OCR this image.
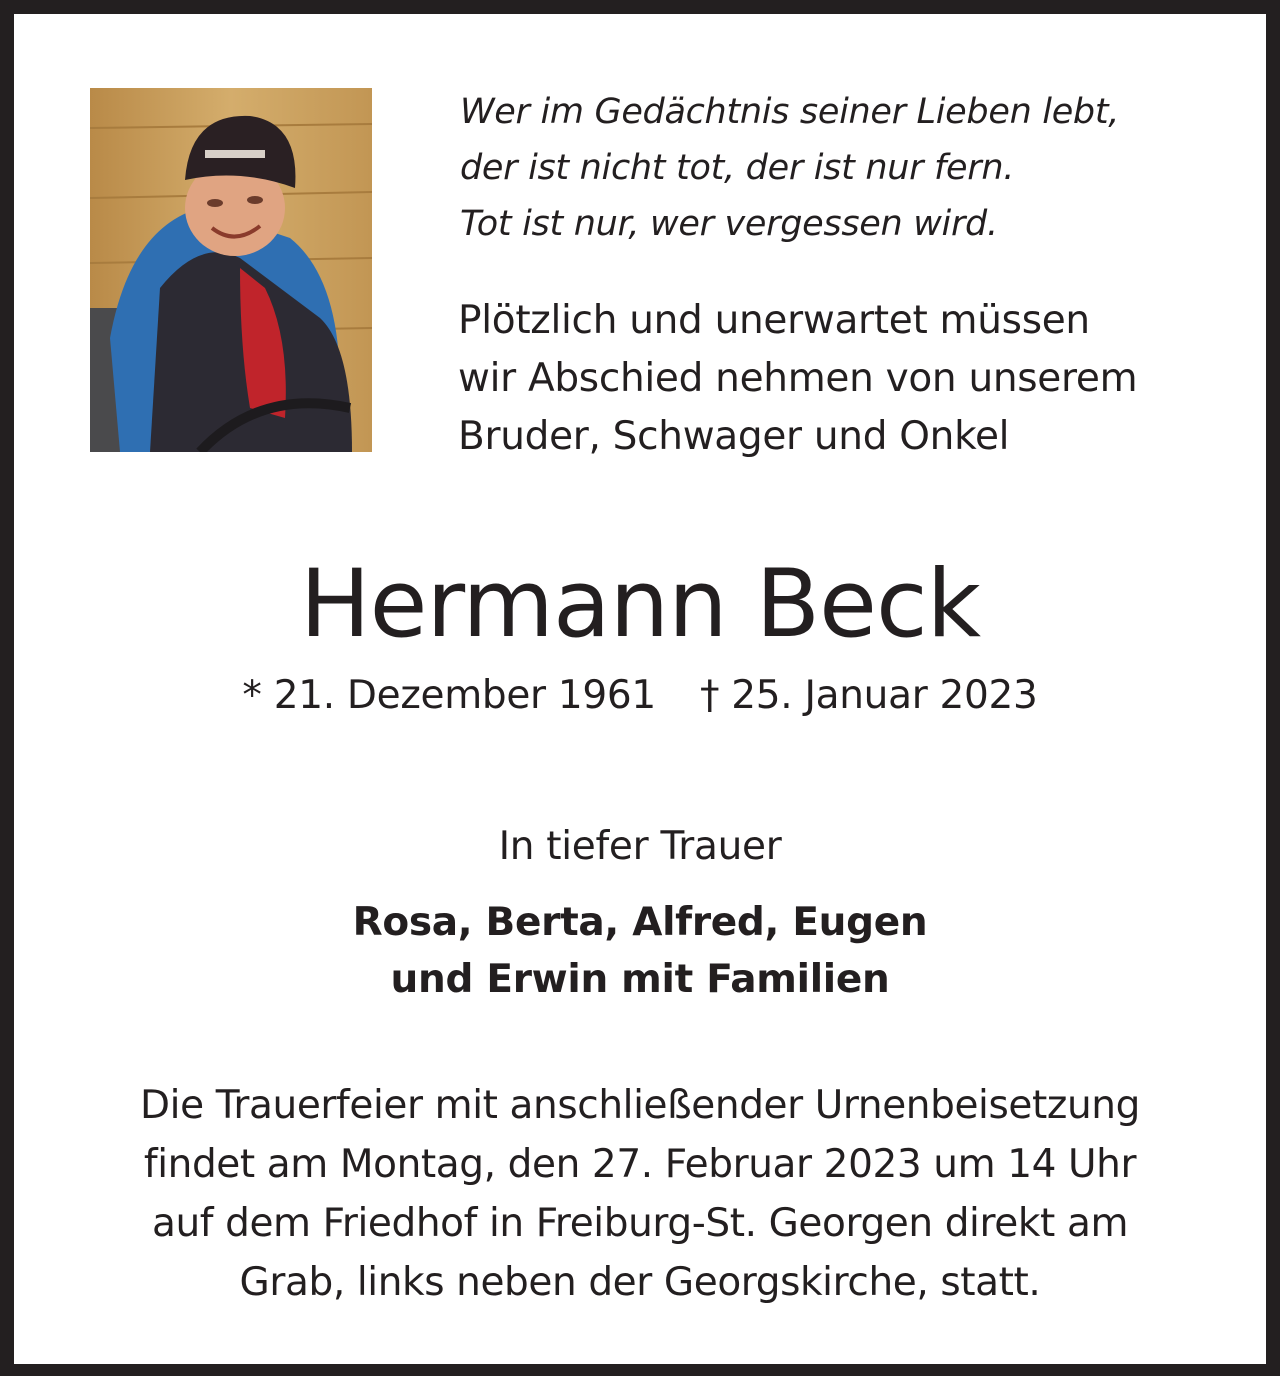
Wer im Gedächtnis seiner Lieben lebt,
der ist nicht tot, der ist nur fern.
Tot ist nur, wer vergessen wird.

Plötzlich und unerwartet müssen
wir Abschied nehmen von unserem
Bruder, Schwager und Onkel

Hermann Beck
* 21. Dezember 1961 † 25. Januar 2023
In tiefer Trauer
Rosa, Berta, Alfred, Eugen
und Erwin mit Familien
Die Trauerfeier mit anschließender Urnenbeisetzung
findet am Montag, den 27. Februar 2023 um 14 Uhr
auf dem Friedhof in Freiburg-St. Georgen direkt am
Grab, links neben der Georgskirche, statt.
